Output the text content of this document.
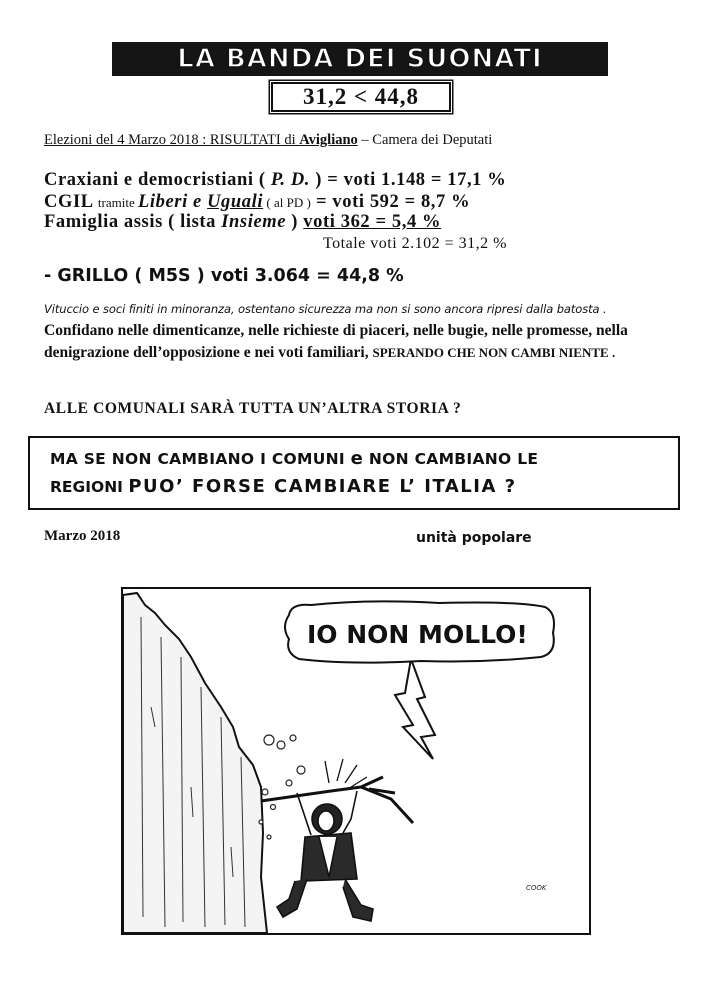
LA BANDA DEI SUONATI
31,2 < 44,8
Elezioni del 4 Marzo 2018 : RISULTATI di Avigliano – Camera dei Deputati
Craxiani e democristiani ( P. D. ) = voti 1.148 = 17,1 %
CGIL tramite Liberi e Uguali ( al PD ) = voti 592 = 8,7 %
Famiglia assis ( lista Insieme ) voti 362 = 5,4 %
Totale voti 2.102 = 31,2 %
- GRILLO ( M5S ) voti 3.064 = 44,8 %
Vituccio e soci finiti in minoranza, ostentano sicurezza ma non si sono ancora ripresi dalla batosta .
Confidano nelle dimenticanze, nelle richieste di piaceri, nelle bugie, nelle promesse, nella denigrazione dell’opposizione e nei voti familiari, SPERANDO CHE NON CAMBI NIENTE .
ALLE COMUNALI SARÀ TUTTA UN’ALTRA STORIA ?
MA SE NON CAMBIANO I COMUNI e NON CAMBIANO LE
REGIONI PUO’ FORSE CAMBIARE L’ ITALIA ?
Marzo 2018	unità popolare
IO NON MOLLO!
COOK
